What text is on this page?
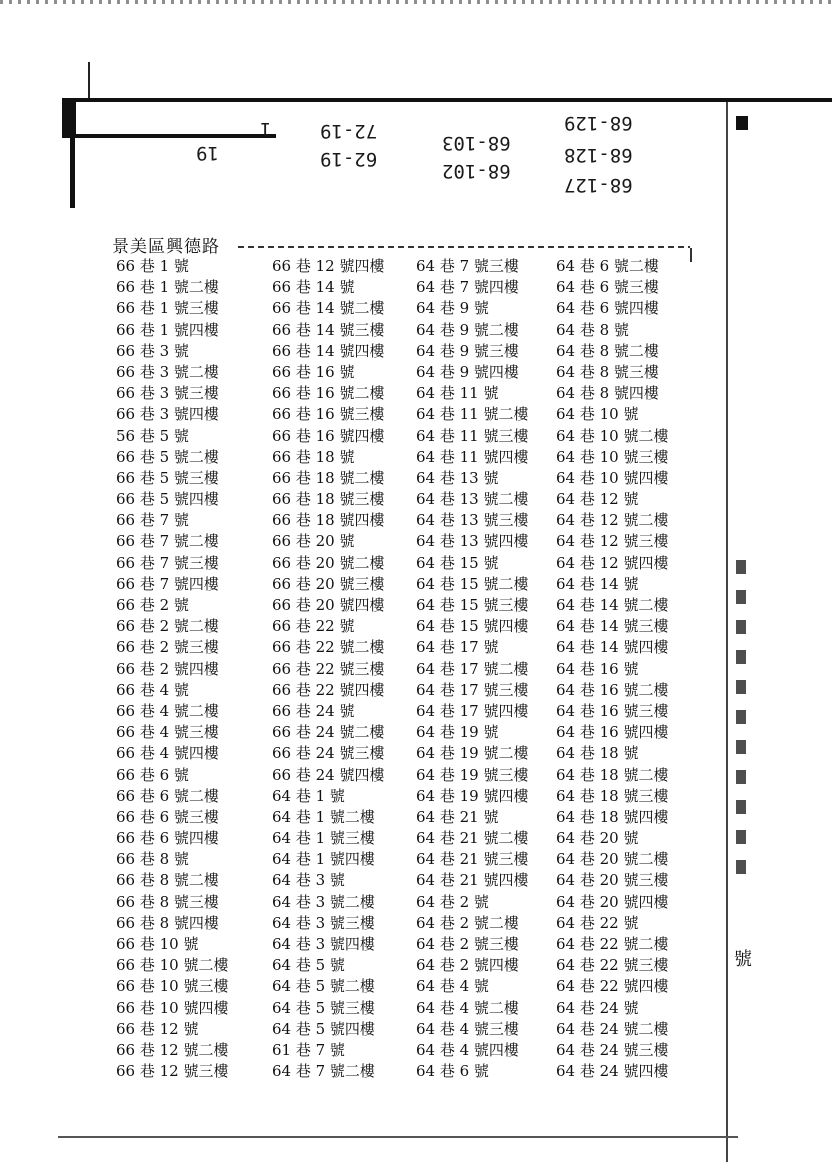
68-129
68-103
72-19
1
68-128
68-102
62-19
19
68-127
景美區興德路
66 巷 1 號
66 巷 1 號二樓
66 巷 1 號三樓
66 巷 1 號四樓
66 巷 3 號
66 巷 3 號二樓
66 巷 3 號三樓
66 巷 3 號四樓
56 巷 5 號
66 巷 5 號二樓
66 巷 5 號三樓
66 巷 5 號四樓
66 巷 7 號
66 巷 7 號二樓
66 巷 7 號三樓
66 巷 7 號四樓
66 巷 2 號
66 巷 2 號二樓
66 巷 2 號三樓
66 巷 2 號四樓
66 巷 4 號
66 巷 4 號二樓
66 巷 4 號三樓
66 巷 4 號四樓
66 巷 6 號
66 巷 6 號二樓
66 巷 6 號三樓
66 巷 6 號四樓
66 巷 8 號
66 巷 8 號二樓
66 巷 8 號三樓
66 巷 8 號四樓
66 巷 10 號
66 巷 10 號二樓
66 巷 10 號三樓
66 巷 10 號四樓
66 巷 12 號
66 巷 12 號二樓
66 巷 12 號三樓
66 巷 12 號四樓
66 巷 14 號
66 巷 14 號二樓
66 巷 14 號三樓
66 巷 14 號四樓
66 巷 16 號
66 巷 16 號二樓
66 巷 16 號三樓
66 巷 16 號四樓
66 巷 18 號
66 巷 18 號二樓
66 巷 18 號三樓
66 巷 18 號四樓
66 巷 20 號
66 巷 20 號二樓
66 巷 20 號三樓
66 巷 20 號四樓
66 巷 22 號
66 巷 22 號二樓
66 巷 22 號三樓
66 巷 22 號四樓
66 巷 24 號
66 巷 24 號二樓
66 巷 24 號三樓
66 巷 24 號四樓
64 巷 1 號
64 巷 1 號二樓
64 巷 1 號三樓
64 巷 1 號四樓
64 巷 3 號
64 巷 3 號二樓
64 巷 3 號三樓
64 巷 3 號四樓
64 巷 5 號
64 巷 5 號二樓
64 巷 5 號三樓
64 巷 5 號四樓
61 巷 7 號
64 巷 7 號二樓
64 巷 7 號三樓
64 巷 7 號四樓
64 巷 9 號
64 巷 9 號二樓
64 巷 9 號三樓
64 巷 9 號四樓
64 巷 11 號
64 巷 11 號二樓
64 巷 11 號三樓
64 巷 11 號四樓
64 巷 13 號
64 巷 13 號二樓
64 巷 13 號三樓
64 巷 13 號四樓
64 巷 15 號
64 巷 15 號二樓
64 巷 15 號三樓
64 巷 15 號四樓
64 巷 17 號
64 巷 17 號二樓
64 巷 17 號三樓
64 巷 17 號四樓
64 巷 19 號
64 巷 19 號二樓
64 巷 19 號三樓
64 巷 19 號四樓
64 巷 21 號
64 巷 21 號二樓
64 巷 21 號三樓
64 巷 21 號四樓
64 巷 2 號
64 巷 2 號二樓
64 巷 2 號三樓
64 巷 2 號四樓
64 巷 4 號
64 巷 4 號二樓
64 巷 4 號三樓
64 巷 4 號四樓
64 巷 6 號
64 巷 6 號二樓
64 巷 6 號三樓
64 巷 6 號四樓
64 巷 8 號
64 巷 8 號二樓
64 巷 8 號三樓
64 巷 8 號四樓
64 巷 10 號
64 巷 10 號二樓
64 巷 10 號三樓
64 巷 10 號四樓
64 巷 12 號
64 巷 12 號二樓
64 巷 12 號三樓
64 巷 12 號四樓
64 巷 14 號
64 巷 14 號二樓
64 巷 14 號三樓
64 巷 14 號四樓
64 巷 16 號
64 巷 16 號二樓
64 巷 16 號三樓
64 巷 16 號四樓
64 巷 18 號
64 巷 18 號二樓
64 巷 18 號三樓
64 巷 18 號四樓
64 巷 20 號
64 巷 20 號二樓
64 巷 20 號三樓
64 巷 20 號四樓
64 巷 22 號
64 巷 22 號二樓
64 巷 22 號三樓
64 巷 22 號四樓
64 巷 24 號
64 巷 24 號二樓
64 巷 24 號三樓
64 巷 24 號四樓
號
